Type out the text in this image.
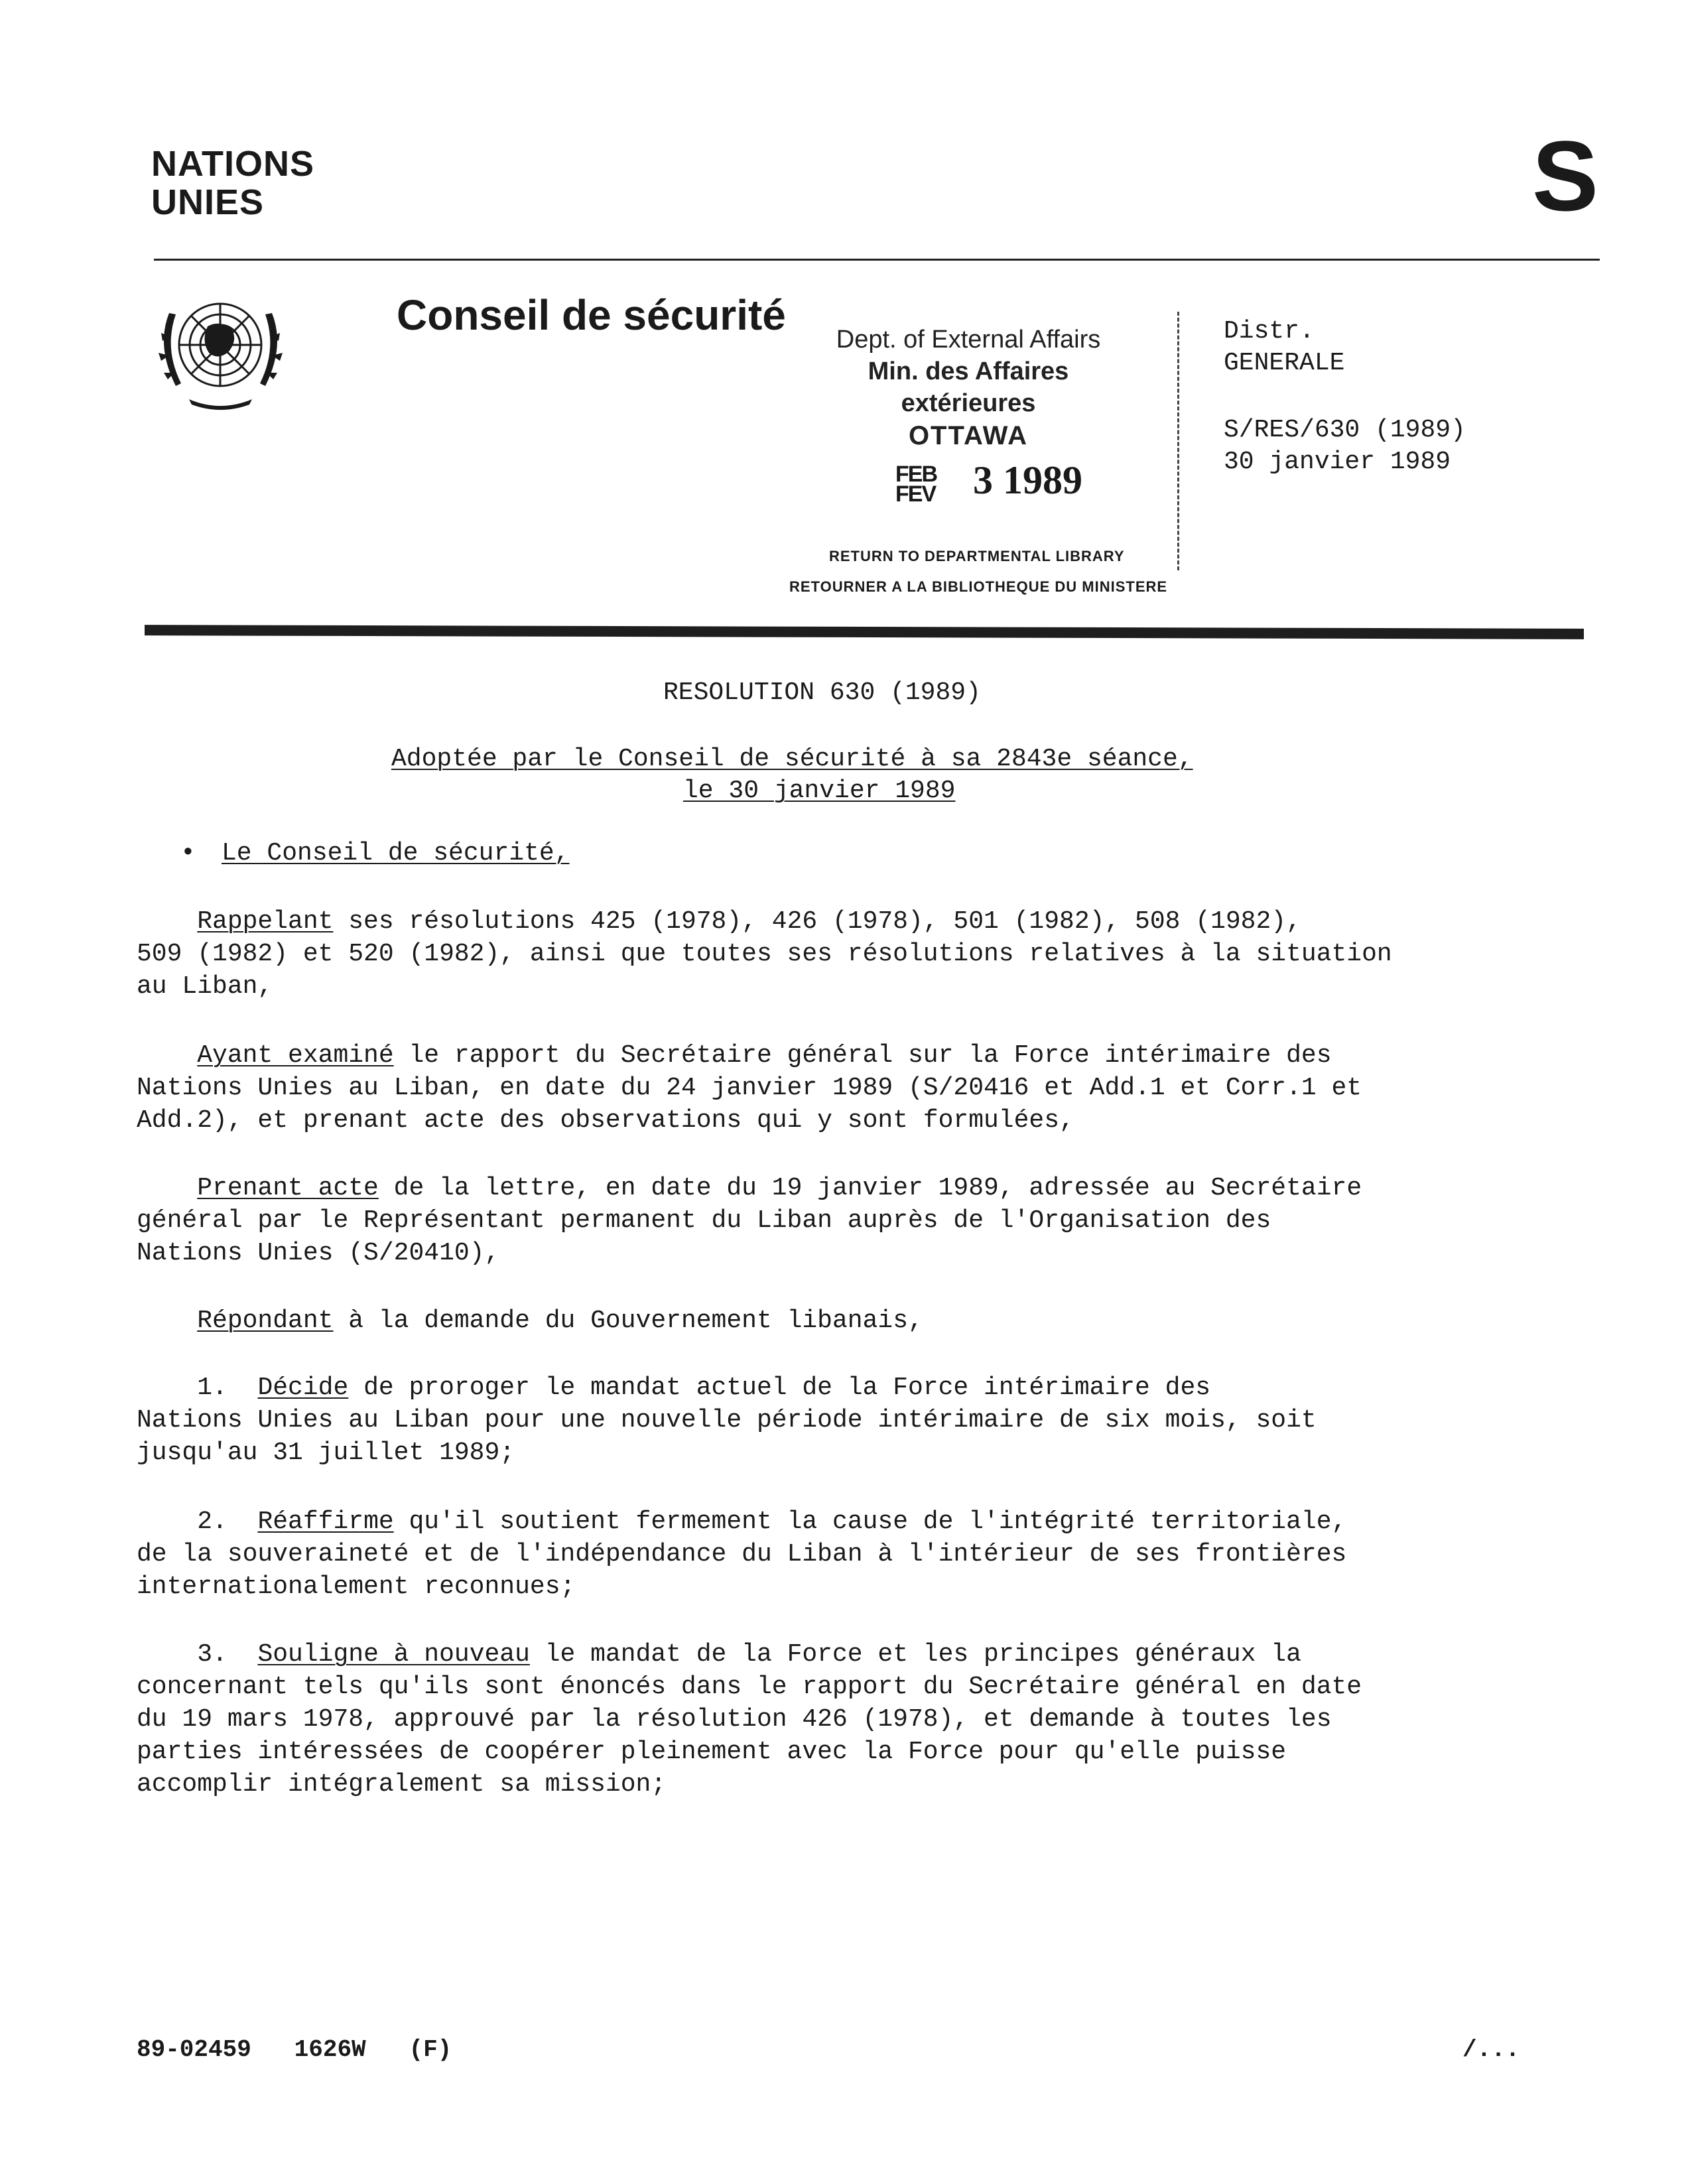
NATIONS
UNIES	S
Conseil de sécurité
Dept. of External Affairs
Min. des Affaires extérieures
OTTAWA
FEB
FEV 3 1989
RETURN TO DEPARTMENTAL LIBRARY
RETOURNER A LA BIBLIOTHEQUE DU MINISTERE
Distr.
GENERALE
S/RES/630 (1989)
30 janvier 1989
RESOLUTION 630 (1989)
Adoptée par le Conseil de sécurité à sa 2843e séance,
le 30 janvier 1989
• Le Conseil de sécurité,
Rappelant ses résolutions 425 (1978), 426 (1978), 501 (1982), 508 (1982),
509 (1982) et 520 (1982), ainsi que toutes ses résolutions relatives à la situation
au Liban,
Ayant examiné le rapport du Secrétaire général sur la Force intérimaire des
Nations Unies au Liban, en date du 24 janvier 1989 (S/20416 et Add.1 et Corr.1 et
Add.2), et prenant acte des observations qui y sont formulées,
Prenant acte de la lettre, en date du 19 janvier 1989, adressée au Secrétaire
général par le Représentant permanent du Liban auprès de l'Organisation des
Nations Unies (S/20410),
Répondant à la demande du Gouvernement libanais,
1. Décide de proroger le mandat actuel de la Force intérimaire des
Nations Unies au Liban pour une nouvelle période intérimaire de six mois, soit
jusqu'au 31 juillet 1989;
2. Réaffirme qu'il soutient fermement la cause de l'intégrité territoriale,
de la souveraineté et de l'indépendance du Liban à l'intérieur de ses frontières
internationalement reconnues;
3. Souligne à nouveau le mandat de la Force et les principes généraux la
concernant tels qu'ils sont énoncés dans le rapport du Secrétaire général en date
du 19 mars 1978, approuvé par la résolution 426 (1978), et demande à toutes les
parties intéressées de coopérer pleinement avec la Force pour qu'elle puisse
accomplir intégralement sa mission;
89-02459   1626W   (F)	/...
